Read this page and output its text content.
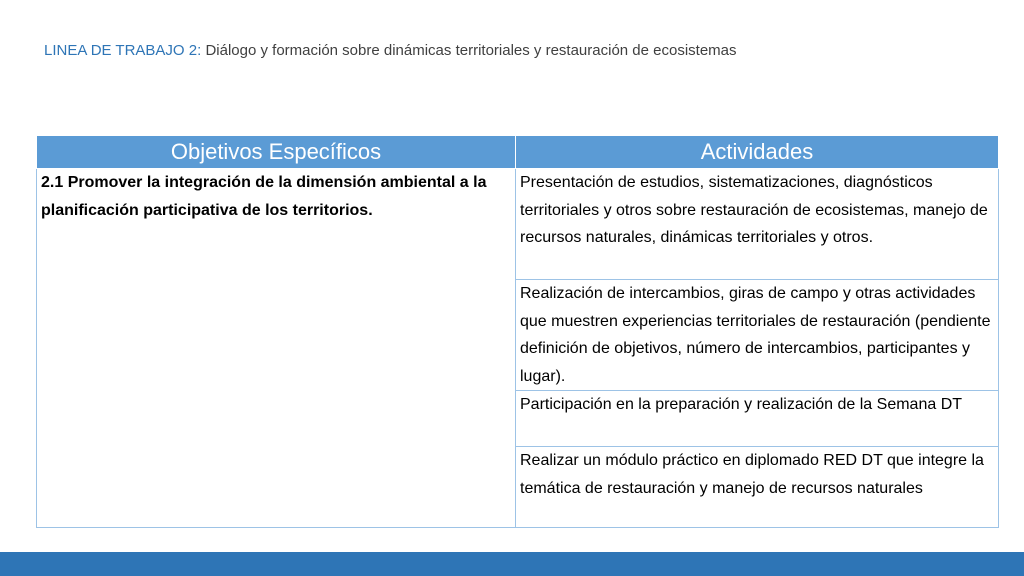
LINEA DE TRABAJO 2: Diálogo y formación sobre dinámicas territoriales y restauración de ecosistemas
Objetivos Específicos	Actividades
2.1 Promover la integración de la dimensión ambiental a la planificación participativa de los territorios.	Presentación de estudios, sistematizaciones, diagnósticos territoriales y otros sobre restauración de ecosistemas, manejo de recursos naturales, dinámicas territoriales y otros.
	Realización de intercambios, giras de campo y otras actividades que muestren experiencias territoriales de restauración (pendiente definición de objetivos, número de intercambios, participantes y lugar).
	Participación en la preparación y realización de la Semana DT
	Realizar un módulo práctico en diplomado RED DT que integre la temática de restauración y manejo de recursos naturales
